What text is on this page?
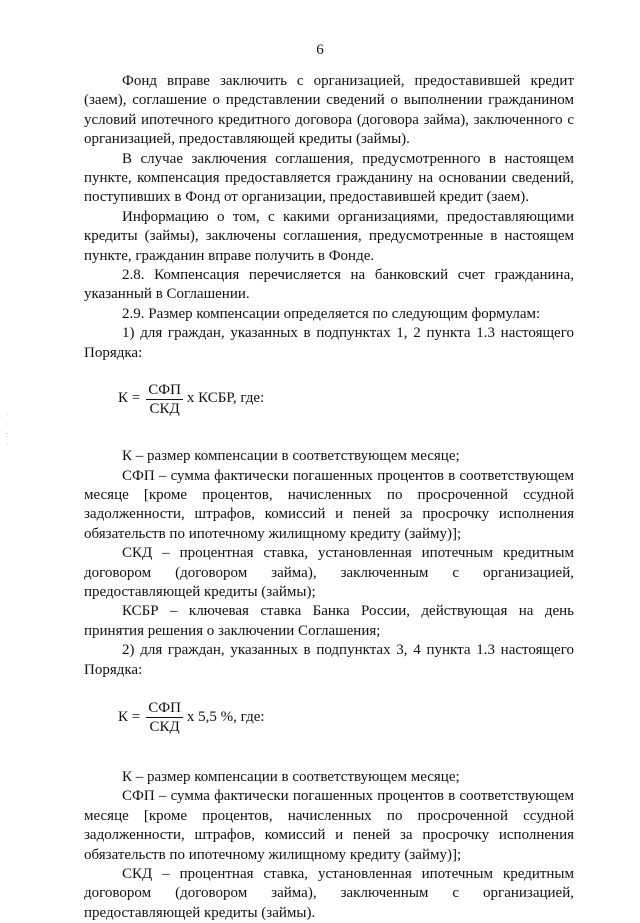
6
·
·
:
·

Фонд вправе заключить с организацией, предоставившей кредит (заем), соглашение о представлении сведений о выполнении гражданином условий ипотечного кредитного договора (договора займа), заключенного с организацией, предоставляющей кредиты (займы).

В случае заключения соглашения, предусмотренного в настоящем пункте, компенсация предоставляется гражданину на основании сведений, поступивших в Фонд от организации, предоставившей кредит (заем).

Информацию о том, с какими организациями, предоставляющими кредиты (займы), заключены соглашения, предусмотренные в настоящем пункте, гражданин вправе получить в Фонде.

2.8. Компенсация перечисляется на банковский счет гражданина, указанный в Соглашении.

2.9. Размер компенсации определяется по следующим формулам:

1) для граждан, указанных в подпунктах 1, 2 пункта 1.3 настоящего Порядка:

$К = \frac{\text{СФП}}{\text{СКД}}$ х КСБР, где:

К – размер компенсации в соответствующем месяце;

СФП – сумма фактически погашенных процентов в соответствующем месяце [кроме процентов, начисленных по просроченной ссудной задолженности, штрафов, комиссий и пеней за просрочку исполнения обязательств по ипотечному жилищному кредиту (займу)];

СКД – процентная ставка, установленная ипотечным кредитным договором (договором займа), заключенным с организацией, предоставляющей кредиты (займы);

КСБР – ключевая ставка Банка России, действующая на день принятия решения о заключении Соглашения;

2) для граждан, указанных в подпунктах 3, 4 пункта 1.3 настоящего Порядка:

$К = \frac{\text{СФП}}{\text{СКД}}$ х 5,5 %, где:

К – размер компенсации в соответствующем месяце;

СФП – сумма фактически погашенных процентов в соответствующем месяце [кроме процентов, начисленных по просроченной ссудной задолженности, штрафов, комиссий и пеней за просрочку исполнения обязательств по ипотечному жилищному кредиту (займу)];

СКД – процентная ставка, установленная ипотечным кредитным договором (договором займа), заключенным с организацией, предоставляющей кредиты (займы).
